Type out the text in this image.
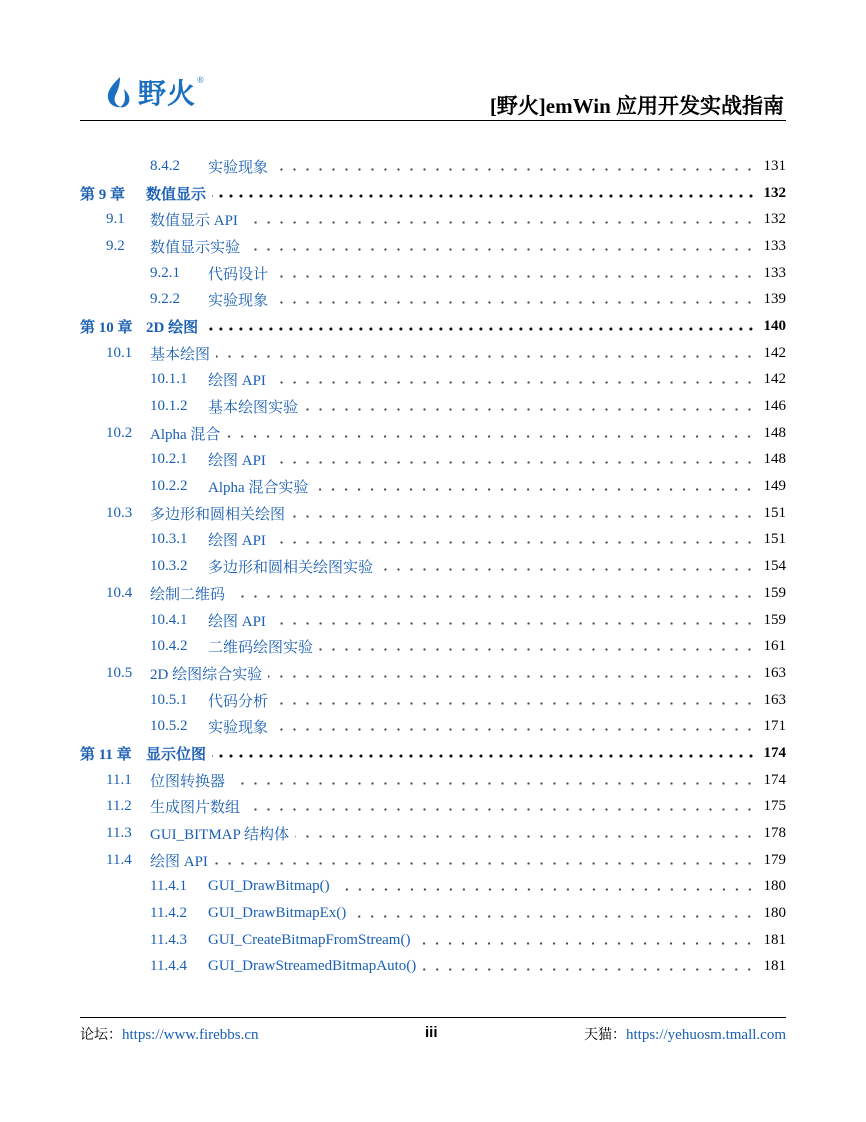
野火 ®
[野火]emWin 应用开发实战指南
8.4.2	实验现象	131
第 9 章	数值显示	132
9.1	数值显示 API	132
9.2	数值显示实验	133
9.2.1	代码设计	133
9.2.2	实验现象	139
第 10 章 2D 绘图	140
10.1	基本绘图	142
10.1.1	绘图 API	142
10.1.2	基本绘图实验	146
10.2	Alpha 混合	148
10.2.1	绘图 API	148
10.2.2	Alpha 混合实验	149
10.3	多边形和圆相关绘图	151
10.3.1	绘图 API	151
10.3.2	多边形和圆相关绘图实验	154
10.4	绘制二维码	159
10.4.1	绘图 API	159
10.4.2	二维码绘图实验	161
10.5	2D 绘图综合实验	163
10.5.1	代码分析	163
10.5.2	实验现象	171
第 11 章 显示位图	174
11.1	位图转换器	174
11.2	生成图片数组	175
11.3	GUI_BITMAP 结构体	178
11.4	绘图 API	179
11.4.1	GUI_DrawBitmap()	180
11.4.2	GUI_DrawBitmapEx()	180
11.4.3	GUI_CreateBitmapFromStream()	181
11.4.4	GUI_DrawStreamedBitmapAuto()	181
论坛：https://www.firebbs.cn	iii	天猫：https://yehuosm.tmall.com
